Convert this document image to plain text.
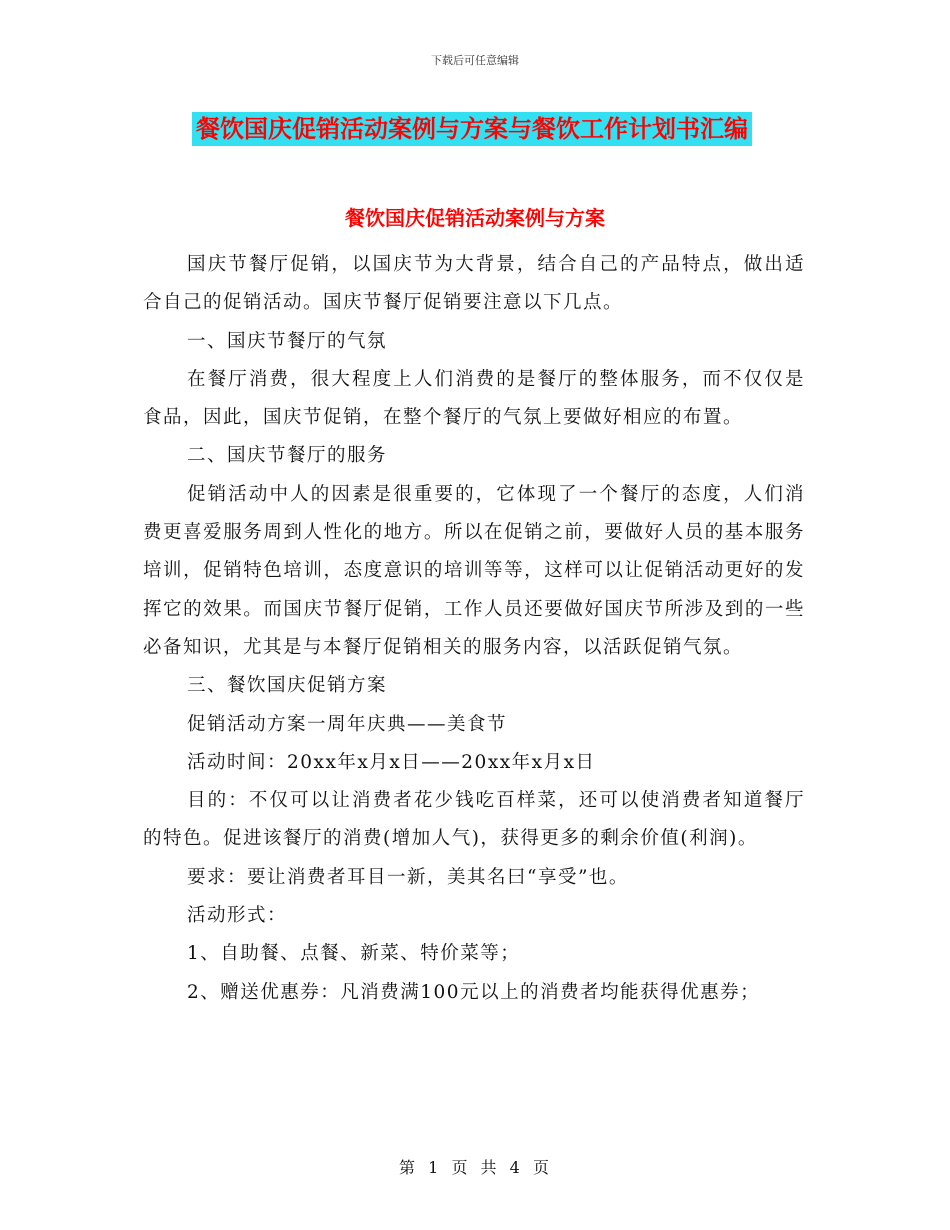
下载后可任意编辑
餐饮国庆促销活动案例与方案与餐饮工作计划书汇编
餐饮国庆促销活动案例与方案

国庆节餐厅促销，以国庆节为大背景，结合自己的产品特点，做出适合自己的促销活动。国庆节餐厅促销要注意以下几点。

一、国庆节餐厅的气氛

在餐厅消费，很大程度上人们消费的是餐厅的整体服务，而不仅仅是食品，因此，国庆节促销，在整个餐厅的气氛上要做好相应的布置。

二、国庆节餐厅的服务

促销活动中人的因素是很重要的，它体现了一个餐厅的态度，人们消费更喜爱服务周到人性化的地方。所以在促销之前，要做好人员的基本服务培训，促销特色培训，态度意识的培训等等，这样可以让促销活动更好的发挥它的效果。而国庆节餐厅促销，工作人员还要做好国庆节所涉及到的一些必备知识，尤其是与本餐厅促销相关的服务内容，以活跃促销气氛。

三、餐饮国庆促销方案

促销活动方案一周年庆典——美食节

活动时间：20xx年x月x日——20xx年x月x日

目的：不仅可以让消费者花少钱吃百样菜，还可以使消费者知道餐厅的特色。促进该餐厅的消费(增加人气)，获得更多的剩余价值(利润)。

要求：要让消费者耳目一新，美其名曰“享受”也。

活动形式：

1、自助餐、点餐、新菜、特价菜等；

2、赠送优惠券：凡消费满100元以上的消费者均能获得优惠券；

第 1 页 共 4 页
